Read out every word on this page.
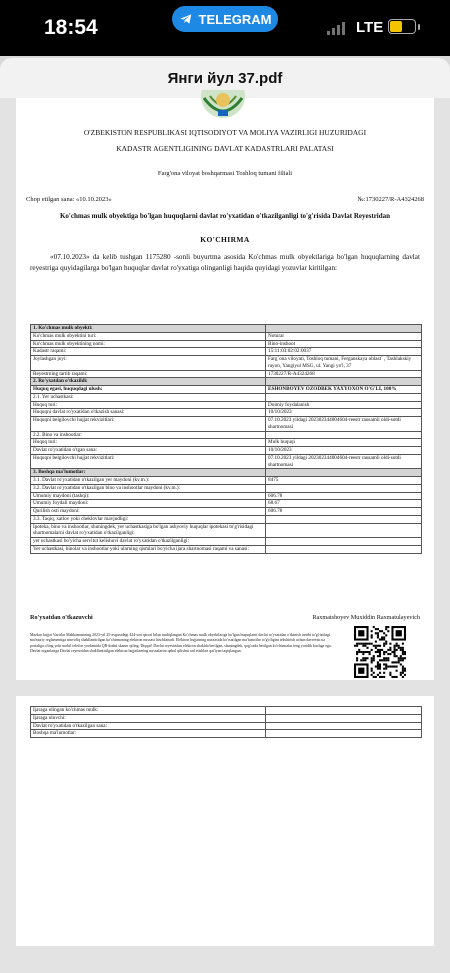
18:54	TELEGRAM	LTE
Янги йул 37.pdf
O'ZBEKISTON RESPUBLIKASI IQTISODIYOT VA MOLIYA VAZIRLIGI HUZURIDAGI
KADASTR AGENTLIGINING DAVLAT KADASTRLARI PALATASI
Farg'ona viloyat boshqarmasi Toshloq tumani filiali
Chop etilgan sana: «10.10.2023»	№:1730227/R-A4324268
Ko'chmas mulk obyektiga bo'lgan huquqlarni davlat ro'yxatidan o'tkazilganligi to'g'risida Davlat Reyestridan
KO'CHIRMA
«07.10.2023» da kelib tushgan 1175280 -sonli buyurtma asosida Ko'chmas mulk obyektlariga bo'lgan huquqlarning davlat reyestriga quyidagilarga bo'lgan huquqlar davlat ro'yxatiga olinganligi haqida quyidagi yozuvlar kiritilgan:
1. Ko'chmas mulk obyekti:	
Ko'chmas mulk obyektini turi:	Noturar
Ko'chmas mulk obyektining nomi:	Bino-inshoot
Kadastr raqami:	15:11:03:02:02:0037
Joylashgan joyi:	Farg`ona viloyati, Toshloq tumani, Ferganskaya oblast` , Tashlakskiy rayon, Yangiyul MSG, ul. Yangi yo'l, 37
Reyestrning tartib raqami:	1730227/R-A4324268
2. Ro'yxatdan o'tkazildi:	
Huquq egasi, huquqdagi ulush:	ESHONBOYEV OZODBEK YAXYOXON O'G'LI, 100%
2.1. Yer uchastkasi:	
Huquq turi:	Doimiy foydalanish
Huquqni davlat ro'yxatidan o'tkazish sanasi:	10/10/2023
Huquqni belgilovchi hujjat rekvizitlari:	07.10.2023 yildagi 202302344004604-reestr rausamli oldi-sotdi shartnomasi
2.2. Bino va inshootlar:	
Huquq turi:	Mulk huquqi
Davlat ro'yxatidan o'tgan sana:	10/10/2023
Huquqni belgilovchi hujjat rekvizitlari:	07.10.2023 yildagi 202302344004604-reestr rausamli oldi-sotdi shartnomasi
3. Boshqa ma'lumotlar:	
3.1. Davlat ro'yxatidan o'tkazilgan yer maydoni (kv.m.):	8475
3.2. Davlat ro'yxatidan o'tkazilgan bino va inshootlar maydoni (kv.m.):	
Umumiy maydoni (tashqi):	606.78
Umumiy foydali maydoni:	68.67
Qurilish osti maydoni:	606.78
3.3. Taqiq, xatlov yoki cheklovlar mavjudligi:	
Ipoteka, bino va inshootlar, shuningdek, yer uchastkasiga bo'lgan ashyoviy huquqlar ipotekasi to'g'risidagi shartnomalarni davlat ro'yxatidan o'tkazilganligi:	
yer uchastkasi bo'yicha servitut kelishuvi davlat ro'yxatidan o'tkazilganligi:	
Yer uchastkasi, binolar va inshootlar yoki ularning qismlari bo'yicha ijara shartnomasi raqami va sanasi:	
Ro'yxatdan o'tkazuvchi	Raxmatshoyev Muxiddin Raxmatulayevich
Mazkur hujjat Vazirlar Mahkamasining 2023-yil 25-avgustdagi 424-son qarori bilan tasdiqlangan Ko'chmas mulk obyektlariga bo'lgan huquqlarni davlat ro'yxatidan o'tkazish tartibi to'g'risidagi ma'muriy reglamentiga muvofiq shakllantirilgan ko'chirmaning elektron nusxasi hisoblanadi. Elektron hujjatning nusxasida ko'rsatilgan ma'lumotlar to'g'riligini tekshirish uchun davreestr.uz portaliga o'ting yoki mobil telefon yordamida QR-kodni skaner qiling. Diqqat! Davlat reyestridan elektron shaklda berilgan, shuningdek, qog'ozda berilgan ko'chirmalar teng yuridik kuchga ega. Davlat organlariga Davlat reyestridan shakllantirilgan elektron hujjatlarning nusxalarini qabul qilishni rad etishlari qat'iyan taqiqlangan.
Ijaraga olingan ko'chmas mulk:	
Ijaraga oluvchi:	
Davlat ro'yxatidan o'tkazilgan sana:	
Boshqa ma'lumotlar:	
